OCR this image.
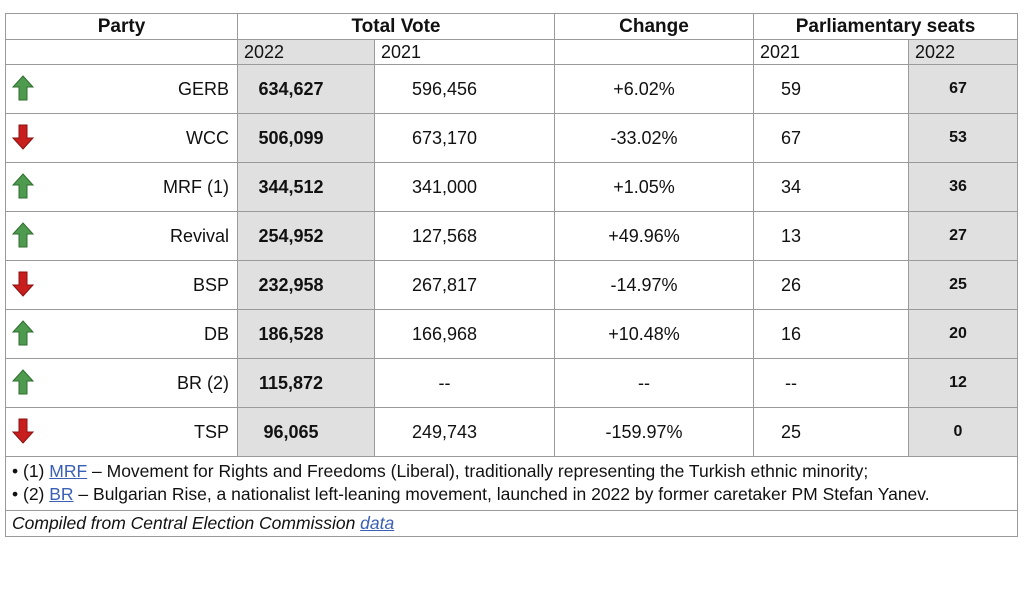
Party	Total Vote		Change	Parliamentary seats	
	2022	2021		2021	2022

GERB	634,627	596,456	+6.02%	59	67

WCC	506,099	673,170	-33.02%	67	53

MRF (1)	344,512	341,000	+1.05%	34	36

Revival	254,952	127,568	+49.96%	13	27

BSP	232,958	267,817	-14.97%	26	25

DB	186,528	166,968	+10.48%	16	20

BR (2)	115,872	--	--	--	12

TSP	96,065	249,743	-159.97%	25	0

• (1) MRF – Movement for Rights and Freedoms (Liberal), traditionally representing the Turkish ethnic minority;
• (2) BR – Bulgarian Rise, a nationalist left-leaning movement, launched in 2022 by former caretaker PM Stefan Yanev.					

Compiled from Central Election Commission data					
